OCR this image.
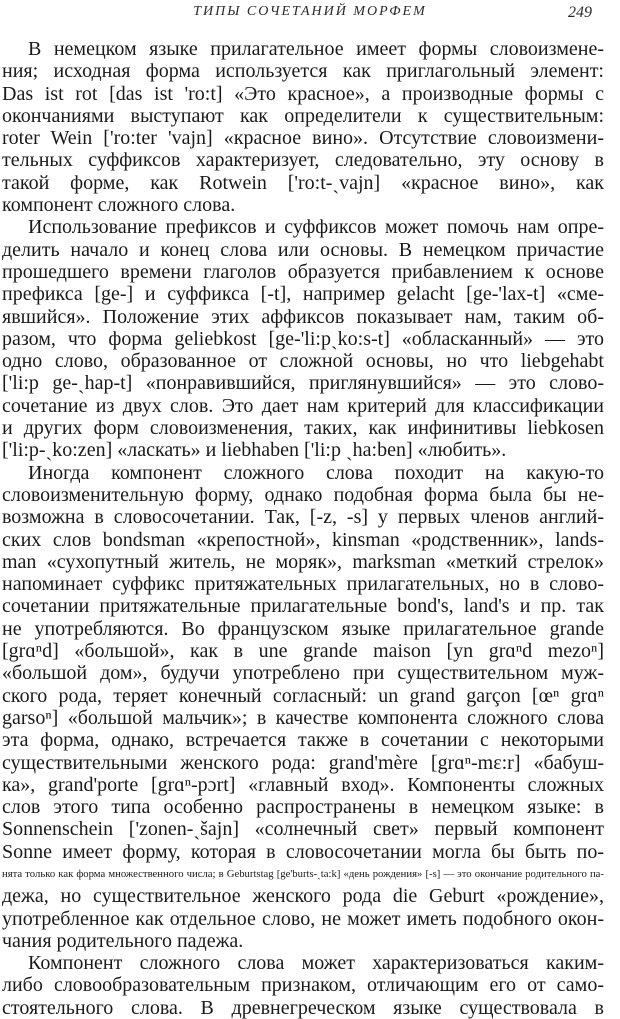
ТИПЫ СОЧЕТАНИЙ МОРФЕМ	249
В немецком языке прилагательное имеет формы словоизмене-
ния; исходная форма используется как приглагольный элемент:
Das ist rot [das ist 'ro:t] «Это красное», а производные формы с
окончаниями выступают как определители к существительным:
roter Wein ['ro:ter 'vajn] «красное вино». Отсутствие словоизмени-
тельных суффиксов характеризует, следовательно, эту основу в
такой форме, как Rotwein ['ro:t-ˏvajn] «красное вино», как
компонент сложного слова.
Использование префиксов и суффиксов может помочь нам опре-
делить начало и конец слова или основы. В немецком причастие
прошедшего времени глаголов образуется прибавлением к основе
префикса [ge-] и суффикса [-t], например gelacht [ge-'lax-t] «сме-
явшийся». Положение этих аффиксов показывает нам, таким об-
разом, что форма geliebkost [ge-'li:pˏko:s-t] «обласканный» — это
одно слово, образованное от сложной основы, но что liebgehabt
['li:p ge-ˏhap-t] «понравившийся, приглянувшийся» — это слово-
сочетание из двух слов. Это дает нам критерий для классификации
и других форм словоизменения, таких, как инфинитивы liebkosen
['li:p-ˏko:zen] «ласкать» и liebhaben ['li:p ˏha:ben] «любить».
Иногда компонент сложного слова походит на какую-то
словоизменительную форму, однако подобная форма была бы не-
возможна в словосочетании. Так, [-z, -s] у первых членов англий-
ских слов bondsman «крепостной», kinsman «родственник», lands-
man «сухопутный житель, не моряк», marksman «меткий стрелок»
напоминает суффикс притяжательных прилагательных, но в слово-
сочетании притяжательные прилагательные bond's, land's и пр. так
не употребляются. Во французском языке прилагательное grande
[grɑⁿd] «большой», как в une grande maison [yn grɑⁿd mezoⁿ]
«большой дом», будучи употреблено при существительном муж-
ского рода, теряет конечный согласный: un grand garçon [œⁿ grɑⁿ
garsoⁿ] «большой мальчик»; в качестве компонента сложного слова
эта форма, однако, встречается также в сочетании с некоторыми
существительными женского рода: grand'mère [grɑⁿ-mɛ:r] «бабуш-
ка», grand'porte [grɑⁿ-pɔrt] «главный вход». Компоненты сложных
слов этого типа особенно распространены в немецком языке: в
Sonnenschein ['zonen-ˏšajn] «солнечный свет» первый компонент
Sonne имеет форму, которая в словосочетании могла бы быть по-
нята только как форма множественного числа; в Geburtstag [ge'burts-ˏta:k] «день рождения» [-s] — это окончание родительного па-
дежа, но существительное женского рода die Geburt «рождение»,
употребленное как отдельное слово, не может иметь подобного окон-
чания родительного падежа.
Компонент сложного слова может характеризоваться каким-
либо словообразовательным признаком, отличающим его от само-
стоятельного слова. В древнегреческом языке существовала в
